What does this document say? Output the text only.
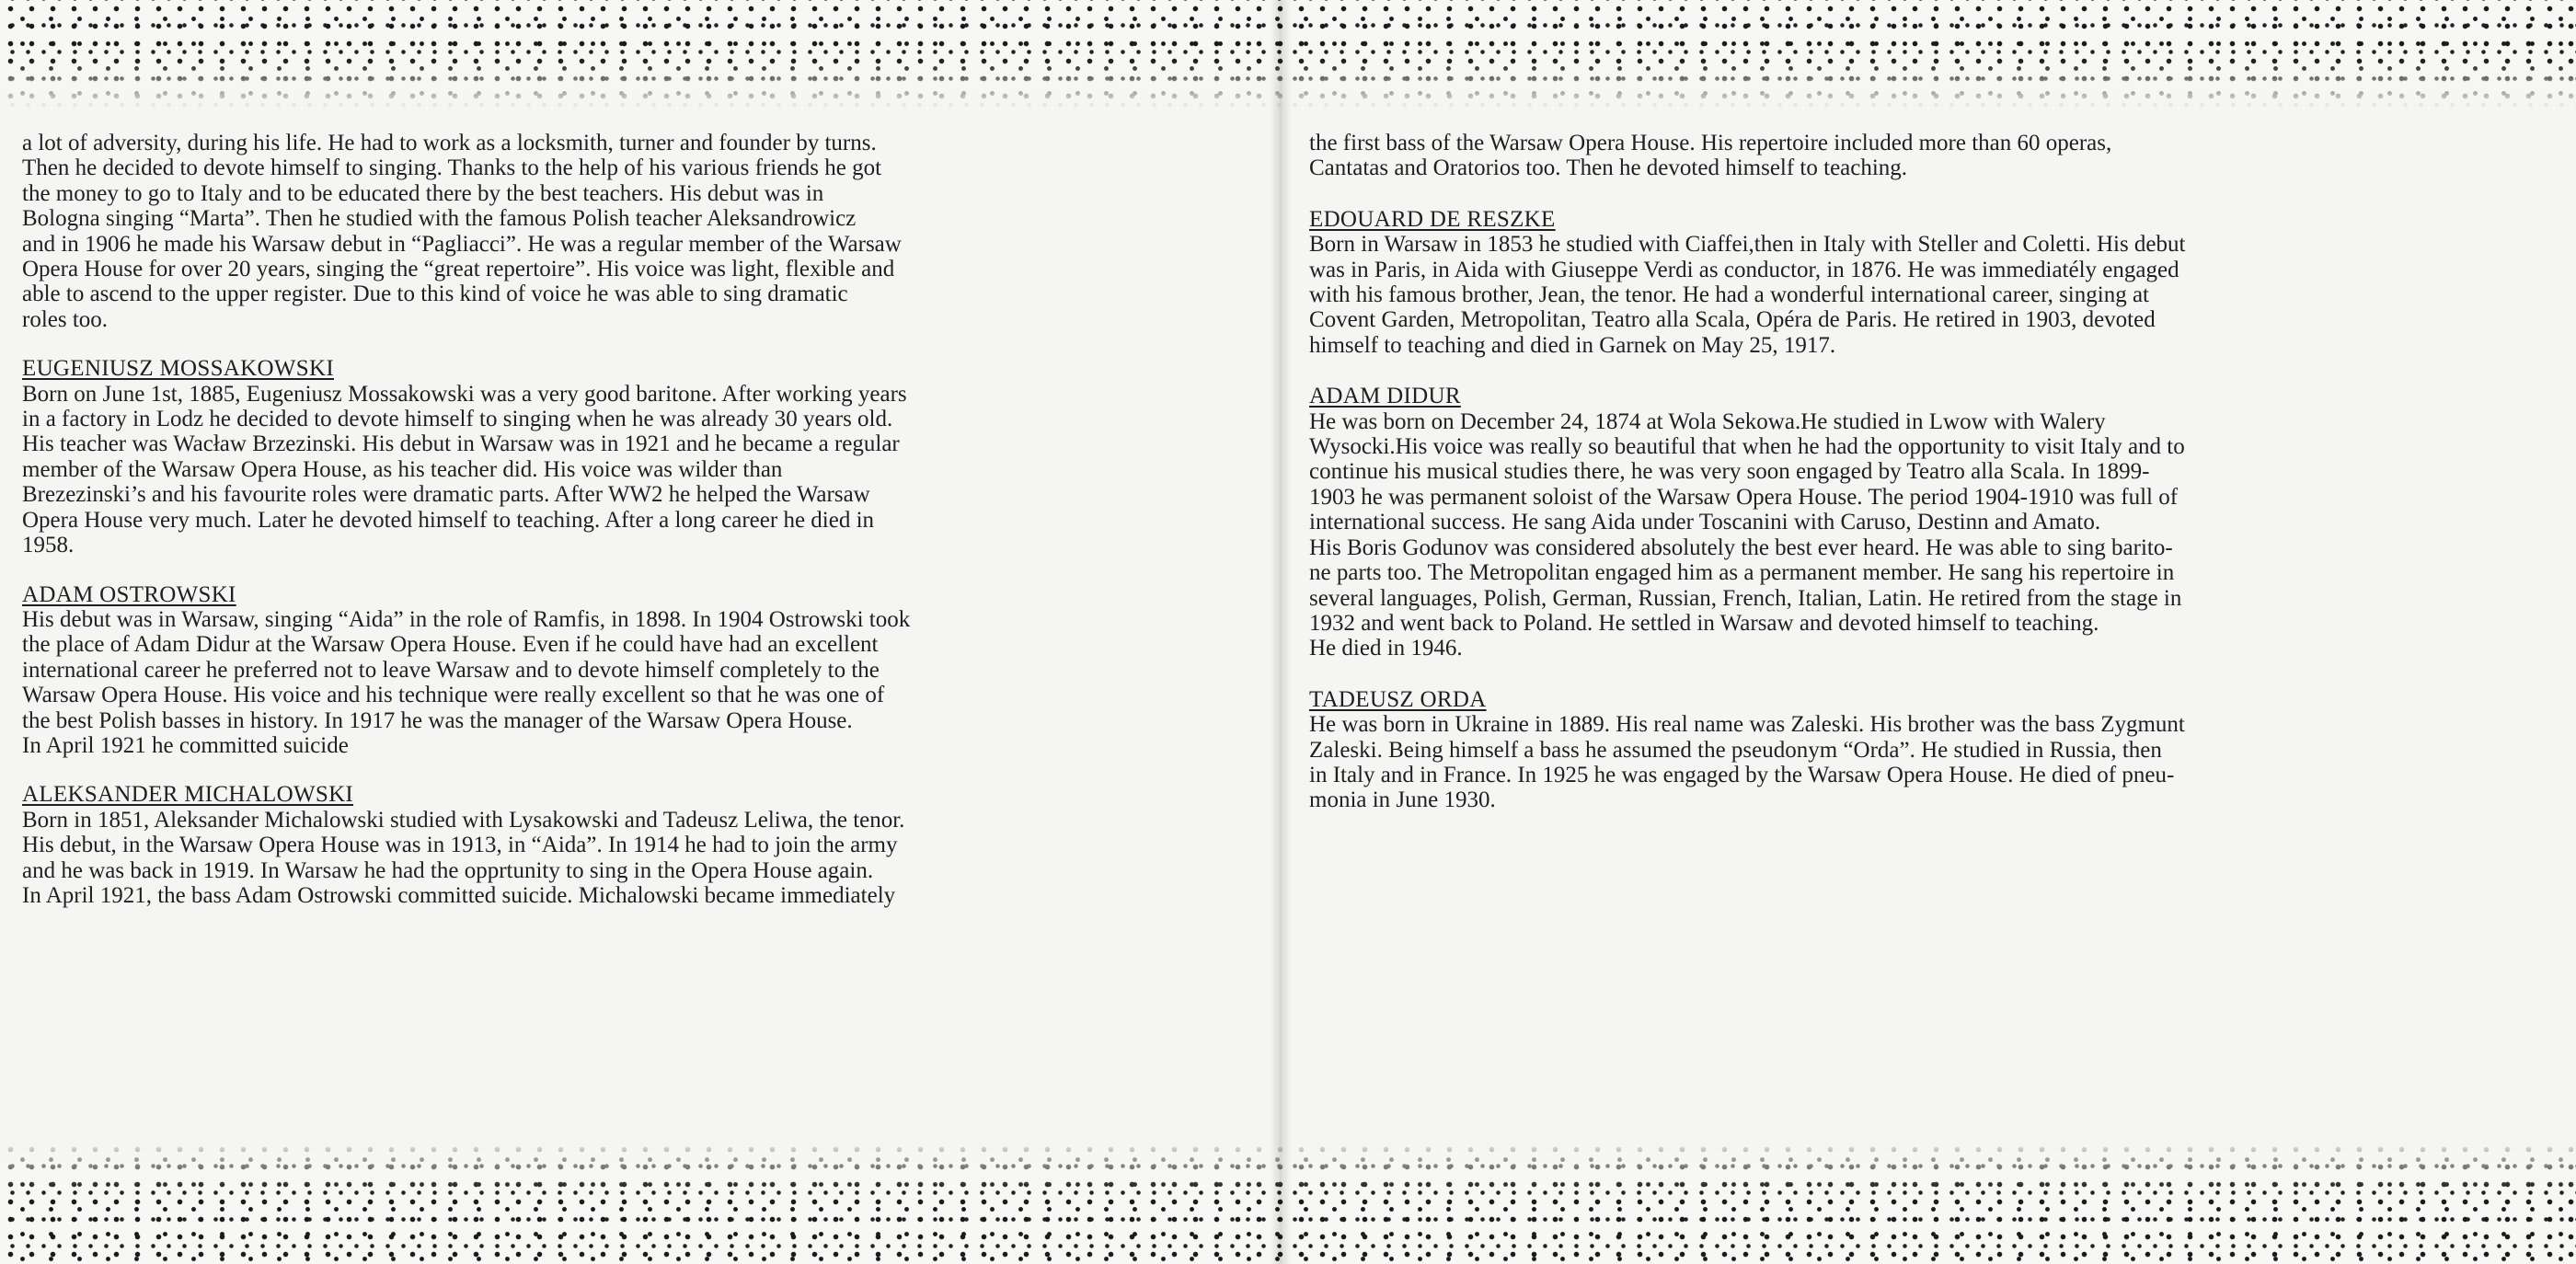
a lot of adversity, during his life. He had to work as a locksmith, turner and founder by turns.
Then he decided to devote himself to singing. Thanks to the help of his various friends he got
the money to go to Italy and to be educated there by the best teachers. His debut was in
Bologna singing “Marta”. Then he studied with the famous Polish teacher Aleksandrowicz
and in 1906 he made his Warsaw debut in “Pagliacci”. He was a regular member of the Warsaw
Opera House for over 20 years, singing the “great repertoire”. His voice was light, flexible and
able to ascend to the upper register. Due to this kind of voice he was able to sing dramatic
roles too.

EUGENIUSZ MOSSAKOWSKI

Born on June 1st, 1885, Eugeniusz Mossakowski was a very good baritone. After working years
in a factory in Lodz he decided to devote himself to singing when he was already 30 years old.
His teacher was Wacław Brzezinski. His debut in Warsaw was in 1921 and he became a regular
member of the Warsaw Opera House, as his teacher did. His voice was wilder than
Brezezinski’s and his favourite roles were dramatic parts. After WW2 he helped the Warsaw
Opera House very much. Later he devoted himself to teaching. After a long career he died in
1958.

ADAM OSTROWSKI

His debut was in Warsaw, singing “Aida” in the role of Ramfis, in 1898. In 1904 Ostrowski took
the place of Adam Didur at the Warsaw Opera House. Even if he could have had an excellent
international career he preferred not to leave Warsaw and to devote himself completely to the
Warsaw Opera House. His voice and his technique were really excellent so that he was one of
the best Polish basses in history. In 1917 he was the manager of the Warsaw Opera House.
In April 1921 he committed suicide

ALEKSANDER MICHALOWSKI

Born in 1851, Aleksander Michalowski studied with Lysakowski and Tadeusz Leliwa, the tenor.
His debut, in the Warsaw Opera House was in 1913, in “Aida”. In 1914 he had to join the army
and he was back in 1919. In Warsaw he had the opprtunity to sing in the Opera House again.
In April 1921, the bass Adam Ostrowski committed suicide. Michalowski became immediately

the first bass of the Warsaw Opera House. His repertoire included more than 60 operas,
Cantatas and Oratorios too. Then he devoted himself to teaching.

EDOUARD DE RESZKE

Born in Warsaw in 1853 he studied with Ciaffei,then in Italy with Steller and Coletti. His debut
was in Paris, in Aida with Giuseppe Verdi as conductor, in 1876. He was immediatély engaged
with his famous brother, Jean, the tenor. He had a wonderful international career, singing at
Covent Garden, Metropolitan, Teatro alla Scala, Opéra de Paris. He retired in 1903, devoted
himself to teaching and died in Garnek on May 25, 1917.

ADAM DIDUR

He was born on December 24, 1874 at Wola Sekowa.He studied in Lwow with Walery
Wysocki.His voice was really so beautiful that when he had the opportunity to visit Italy and to
continue his musical studies there, he was very soon engaged by Teatro alla Scala. In 1899-
1903 he was permanent soloist of the Warsaw Opera House. The period 1904-1910 was full of
international success. He sang Aida under Toscanini with Caruso, Destinn and Amato.
His Boris Godunov was considered absolutely the best ever heard. He was able to sing barito-
ne parts too. The Metropolitan engaged him as a permanent member. He sang his repertoire in
several languages, Polish, German, Russian, French, Italian, Latin. He retired from the stage in
1932 and went back to Poland. He settled in Warsaw and devoted himself to teaching.
He died in 1946.

TADEUSZ ORDA

He was born in Ukraine in 1889. His real name was Zaleski. His brother was the bass Zygmunt
Zaleski. Being himself a bass he assumed the pseudonym “Orda”. He studied in Russia, then
in Italy and in France. In 1925 he was engaged by the Warsaw Opera House. He died of pneu-
monia in June 1930.
